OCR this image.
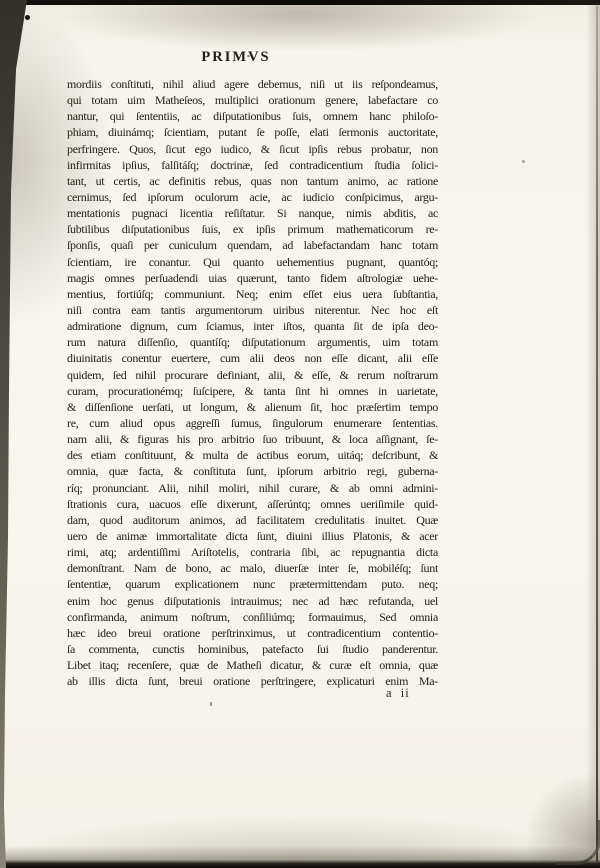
PRIMVS
mordiis conſtituti, nihil aliud agere debemus, niſi ut iis reſpondeamus,
qui totam uim Matheſeos, multiplici orationum genere, labefactare co
nantur, qui ſententiis, ac diſputationibus ſuis, omnem hanc philoſo-
phiam, diuinámq; ſcientiam, putant ſe poſſe, elati ſermonis auctoritate,
perfringere. Quos, ſicut ego iudico, & ſicut ipſis rebus probatur, non
infirmitas ipſius, falſitáſq; doctrinæ, ſed contradicentium ſtudia ſolici-
tant, ut certis, ac definitis rebus, quas non tantum animo, ac ratione
cernimus, ſed ipſorum oculorum acie, ac iudicio conſpicimus, argu-
mentationis pugnaci licentia reſiſtatur. Si nanque, nimis abditis, ac
ſubtilibus diſputationibus ſuis, ex ipſis primum mathematicorum re-
ſponſis, quaſi per cuniculum quendam, ad labefactandam hanc totam
ſcientiam, ire conantur. Qui quanto uehementius pugnant, quantóq;
magis omnes perſuadendi uias quærunt, tanto fidem aſtrologiæ uehe-
mentius, fortiúſq; communiunt. Neq; enim eſſet eius uera ſubſtantia,
niſi contra eam tantis argumentorum uiribus niterentur. Nec hoc eſt
admiratione dignum, cum ſciamus, inter iſtos, quanta ſit de ipſa deo-
rum natura diſſenſio, quantíſq; diſputationum argumentis, uim totam
diuinitatis conentur euertere, cum alii deos non eſſe dicant, alii eſſe
quidem, ſed nihil procurare definiant, alii, & eſſe, & rerum noſtrarum
curam, procurationémq; ſuſcipere, & tanta ſint hi omnes in uarietate,
& diſſenſione uerſati, ut longum, & alienum ſit, hoc præſertim tempo
re, cum aliud opus aggreſſi ſumus, ſingulorum enumerare ſententias.
nam alii, & figuras his pro arbitrio ſuo tribuunt, & loca aſſignant, ſe-
des etiam conſtituunt, & multa de actibus eorum, uitáq; deſcribunt, &
omnia, quæ facta, & conſtituta ſunt, ipſorum arbitrio regi, guberna-
ríq; pronunciant. Alii, nihil moliri, nihil curare, & ab omni admini-
ſtrationis cura, uacuos eſſe dixerunt, aſſerúntq; omnes ueriſimile quid-
dam, quod auditorum animos, ad facilitatem credulitatis inuitet. Quæ
uero de animæ immortalitate dicta ſunt, diuini illius Platonis, & acer
rimi, atq; ardentiſſimi Ariſtotelis, contraria ſibi, ac repugnantia dicta
demonſtrant. Nam de bono, ac malo, diuerſæ inter ſe, mobiléſq; ſunt
ſententiæ, quarum explicationem nunc prætermittendam puto. neq;
enim hoc genus diſputationis intrauimus; nec ad hæc refutanda, uel
confirmanda, animum noſtrum, conſiliúmq; formauimus, Sed omnia
hæc ideo breui oratione perſtrinximus, ut contradicentium contentio-
ſa commenta, cunctis hominibus, patefacto ſui ſtudio panderentur.
Libet itaq; recenſere, quæ de Matheſi dicatur, & curæ eſt omnia, quæ
ab illis dicta ſunt, breui oratione perſtringere, explicaturi enim Ma-
a  ii
